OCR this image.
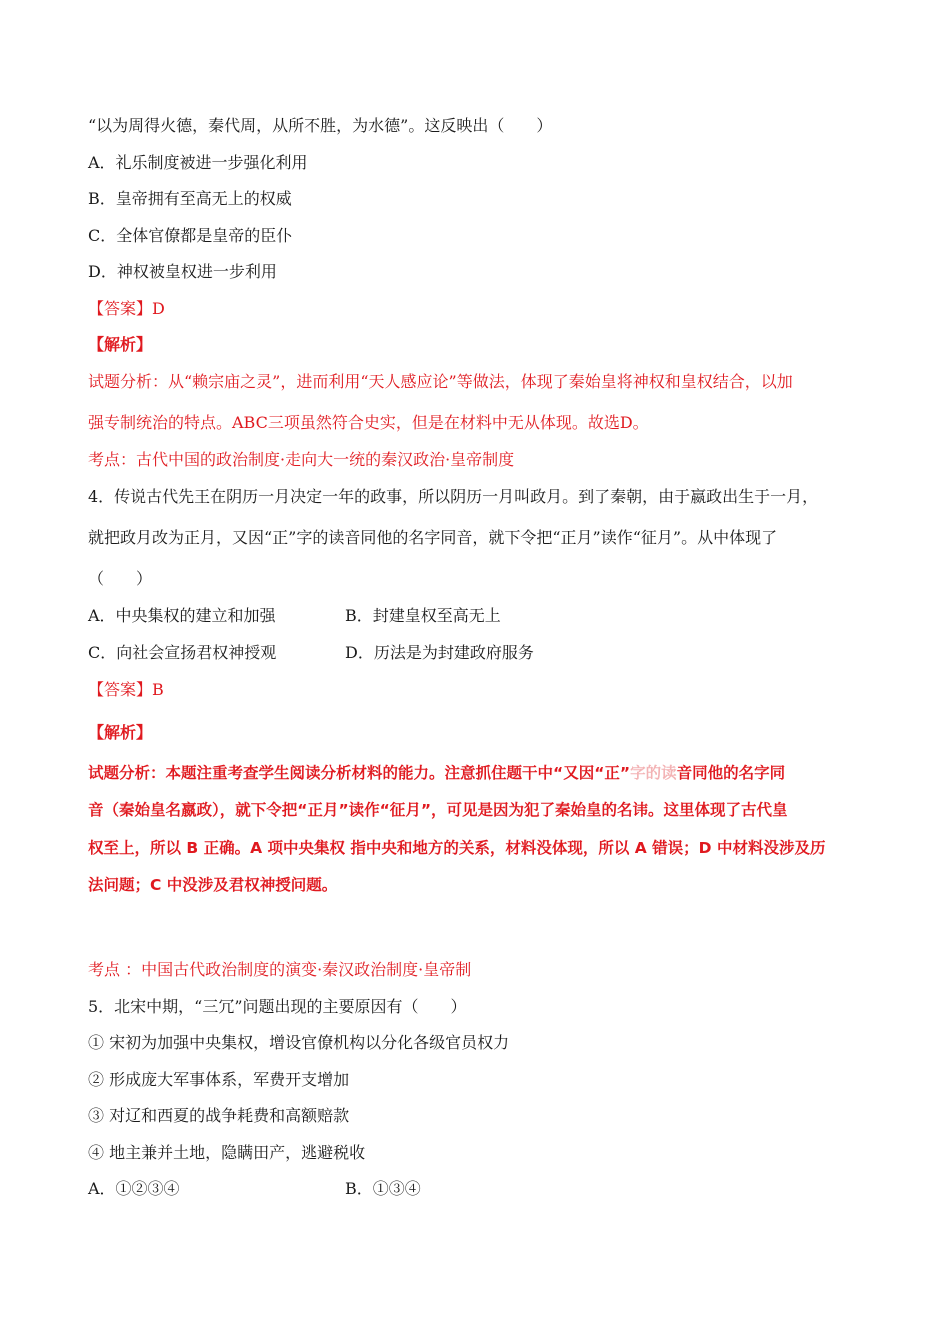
“以为周得火德，秦代周，从所不胜，为水德”。这反映出（　　）
A．礼乐制度被进一步强化利用
B．皇帝拥有至高无上的权威
C．全体官僚都是皇帝的臣仆
D．神权被皇权进一步利用
【答案】D
【解析】
试题分析：从“赖宗庙之灵”，进而利用“天人感应论”等做法，体现了秦始皇将神权和皇权结合，以加
强专制统治的特点。ABC三项虽然符合史实，但是在材料中无从体现。故选D。
考点：古代中国的政治制度·走向大一统的秦汉政治·皇帝制度
4．传说古代先王在阴历一月决定一年的政事，所以阴历一月叫政月。到了秦朝，由于嬴政出生于一月，
就把政月改为正月，又因“正”字的读音同他的名字同音，就下令把“正月”读作“征月”。从中体现了
（　　）
A．中央集权的建立和加强	B．封建皇权至高无上
C．向社会宣扬君权神授观	D．历法是为封建政府服务
【答案】B
【解析】
试题分析：本题注重考查学生阅读分析材料的能力。注意抓住题干中“又因“正”字的读音同他的名字同
音（秦始皇名嬴政），就下令把“正月”读作“征月”，可见是因为犯了秦始皇的名讳。这里体现了古代皇
权至上，所以 B 正确。A 项中央集权 指中央和地方的关系，材料没体现，所以 A 错误；D 中材料没涉及历
法问题；C 中没涉及君权神授问题。
考点 ：中国古代政治制度的演变·秦汉政治制度·皇帝制
5．北宋中期，“三冗”问题出现的主要原因有（　　）
① 宋初为加强中央集权，增设官僚机构以分化各级官员权力
② 形成庞大军事体系，军费开支增加
③ 对辽和西夏的战争耗费和高额赔款
④ 地主兼并土地，隐瞒田产，逃避税收
A．①②③④	B．①③④
